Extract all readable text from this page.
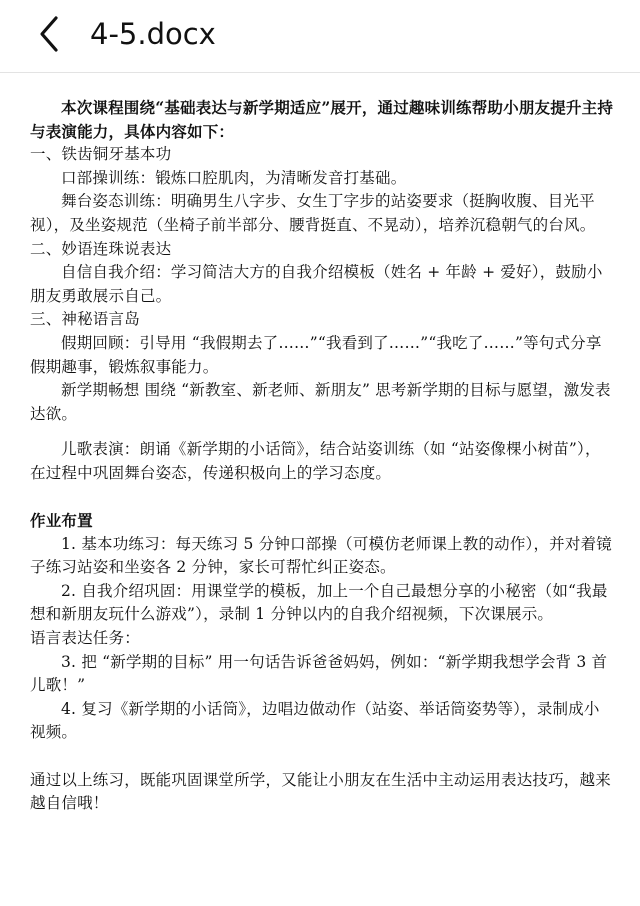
4-5.docx

本次课程围绕“基础表达与新学期适应”展开，通过趣味训练帮助小朋友提升主持与表演能力，具体内容如下：

一、铁齿铜牙基本功

口部操训练：锻炼口腔肌肉，为清晰发音打基础。

舞台姿态训练：明确男生八字步、女生丁字步的站姿要求（挺胸收腹、目光平视），及坐姿规范（坐椅子前半部分、腰背挺直、不晃动），培养沉稳朝气的台风。

二、妙语连珠说表达

自信自我介绍：学习简洁大方的自我介绍模板（姓名 + 年龄 + 爱好），鼓励小朋友勇敢展示自己。

三、神秘语言岛

假期回顾：引导用 “我假期去了……”“我看到了……”“我吃了……”等句式分享假期趣事，锻炼叙事能力。

新学期畅想 围绕 “新教室、新老师、新朋友” 思考新学期的目标与愿望，激发表达欲。

儿歌表演：朗诵《新学期的小话筒》，结合站姿训练（如 “站姿像棵小树苗”），在过程中巩固舞台姿态，传递积极向上的学习态度。

作业布置

1. 基本功练习：每天练习 5 分钟口部操（可模仿老师课上教的动作），并对着镜子练习站姿和坐姿各 2 分钟，家长可帮忙纠正姿态。

2. 自我介绍巩固：用课堂学的模板，加上一个自己最想分享的小秘密（如“我最想和新朋友玩什么游戏”），录制 1 分钟以内的自我介绍视频，下次课展示。

语言表达任务：

3. 把 “新学期的目标” 用一句话告诉爸爸妈妈，例如：“新学期我想学会背 3 首儿歌！”

4. 复习《新学期的小话筒》，边唱边做动作（站姿、举话筒姿势等），录制成小视频。

通过以上练习，既能巩固课堂所学，又能让小朋友在生活中主动运用表达技巧，越来越自信哦！
